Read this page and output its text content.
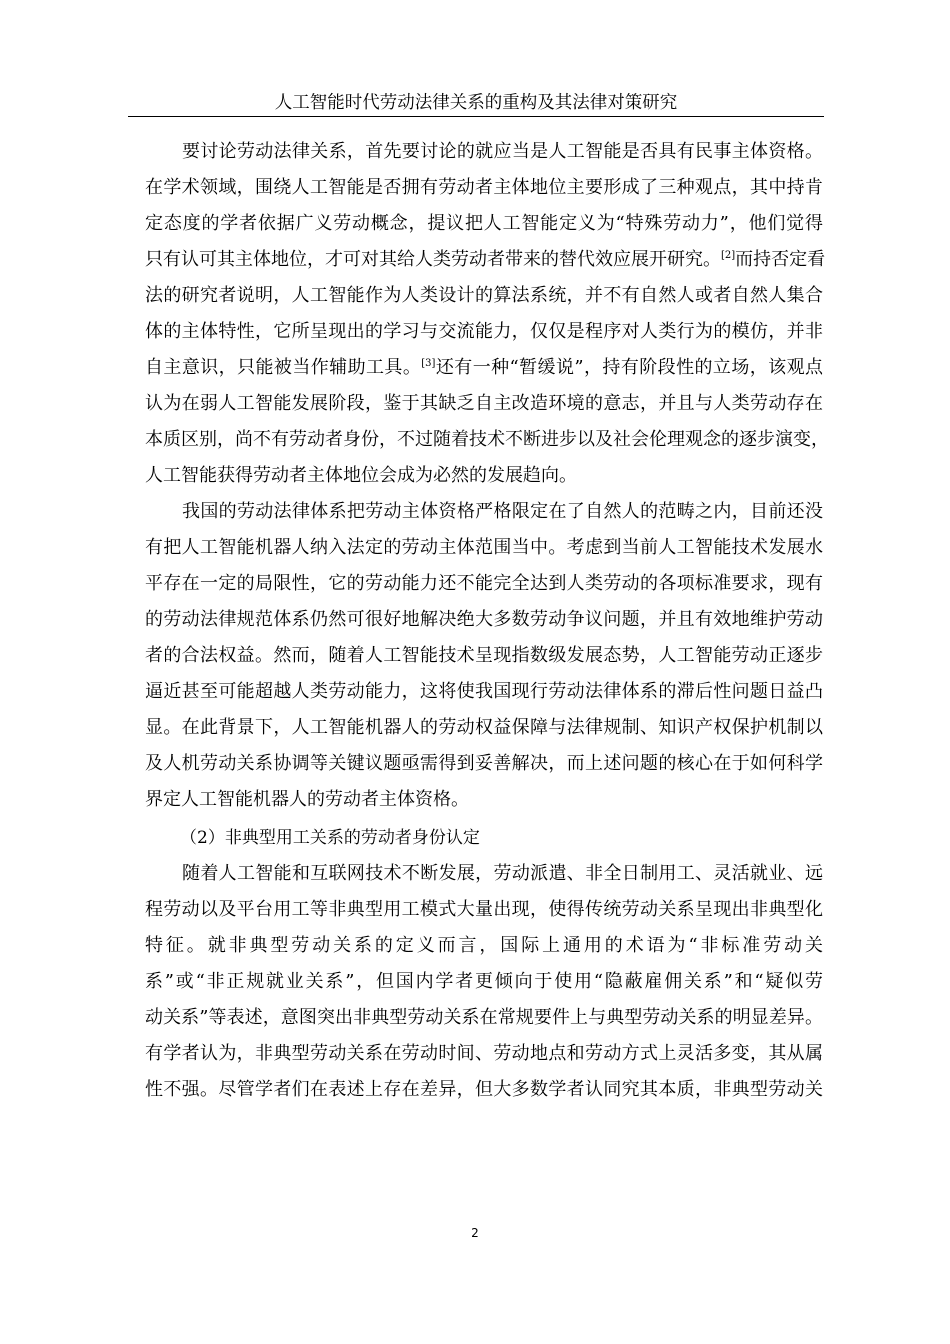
人工智能时代劳动法律关系的重构及其法律对策研究
要讨论劳动法律关系，首先要讨论的就应当是人工智能是否具有民事主体资格。
在学术领域，围绕人工智能是否拥有劳动者主体地位主要形成了三种观点，其中持肯
定态度的学者依据广义劳动概念，提议把人工智能定义为“特殊劳动力”，他们觉得
只有认可其主体地位，才可对其给人类劳动者带来的替代效应展开研究。[2]而持否定看
法的研究者说明，人工智能作为人类设计的算法系统，并不有自然人或者自然人集合
体的主体特性，它所呈现出的学习与交流能力，仅仅是程序对人类行为的模仿，并非
自主意识，只能被当作辅助工具。[3]还有一种“暂缓说”，持有阶段性的立场，该观点
认为在弱人工智能发展阶段，鉴于其缺乏自主改造环境的意志，并且与人类劳动存在
本质区别，尚不有劳动者身份，不过随着技术不断进步以及社会伦理观念的逐步演变，
人工智能获得劳动者主体地位会成为必然的发展趋向。
我国的劳动法律体系把劳动主体资格严格限定在了自然人的范畴之内，目前还没
有把人工智能机器人纳入法定的劳动主体范围当中。考虑到当前人工智能技术发展水
平存在一定的局限性，它的劳动能力还不能完全达到人类劳动的各项标准要求，现有
的劳动法律规范体系仍然可很好地解决绝大多数劳动争议问题，并且有效地维护劳动
者的合法权益。然而，随着人工智能技术呈现指数级发展态势，人工智能劳动正逐步
逼近甚至可能超越人类劳动能力，这将使我国现行劳动法律体系的滞后性问题日益凸
显。在此背景下，人工智能机器人的劳动权益保障与法律规制、知识产权保护机制以
及人机劳动关系协调等关键议题亟需得到妥善解决，而上述问题的核心在于如何科学
界定人工智能机器人的劳动者主体资格。
（2）非典型用工关系的劳动者身份认定
随着人工智能和互联网技术不断发展，劳动派遣、非全日制用工、灵活就业、远
程劳动以及平台用工等非典型用工模式大量出现，使得传统劳动关系呈现出非典型化
特征。就非典型劳动关系的定义而言，国际上通用的术语为“非标准劳动关
系”或“非正规就业关系”，但国内学者更倾向于使用“隐蔽雇佣关系”和“疑似劳
动关系”等表述，意图突出非典型劳动关系在常规要件上与典型劳动关系的明显差异。
有学者认为，非典型劳动关系在劳动时间、劳动地点和劳动方式上灵活多变，其从属
性不强。尽管学者们在表述上存在差异，但大多数学者认同究其本质，非典型劳动关
2
